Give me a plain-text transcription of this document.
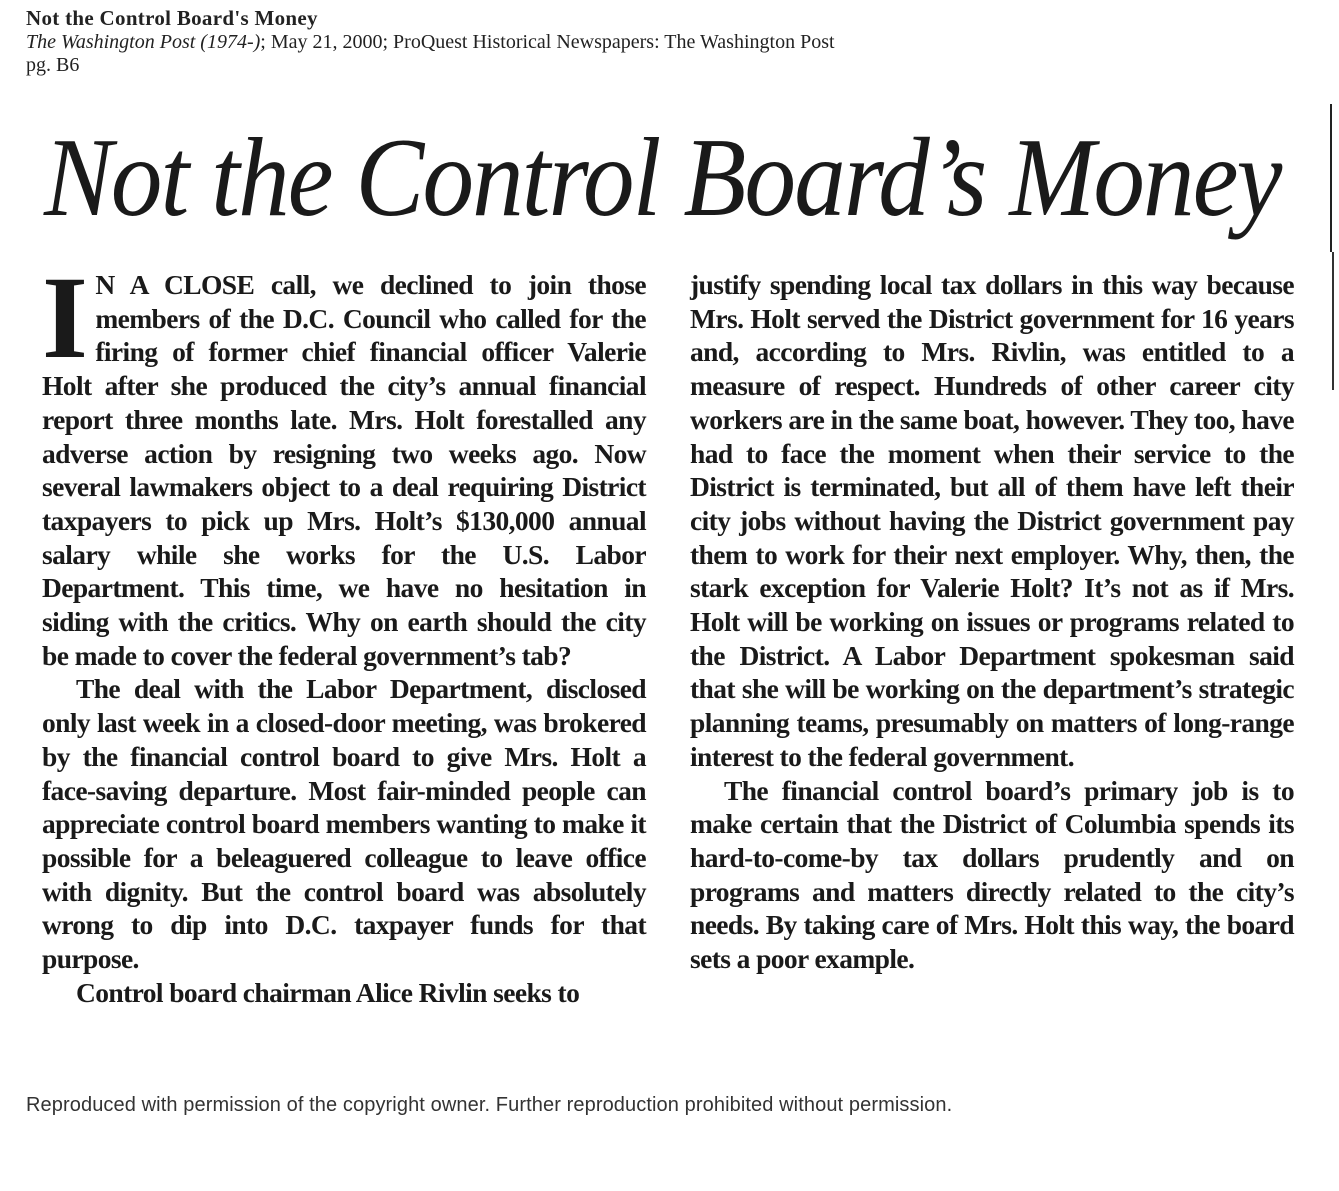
Not the Control Board's Money
The Washington Post (1974-); May 21, 2000; ProQuest Historical Newspapers: The Washington Post
pg. B6
Not the Control Board’s Money

I N A CLOSE call, we declined to join those members of the D.C. Council who called for the firing of former chief financial officer Valerie Holt after she produced the city’s annual financial report three months late. Mrs. Holt forestalled any adverse action by resigning two weeks ago. Now several lawmakers object to a deal requiring District taxpayers to pick up Mrs. Holt’s $130,000 annual salary while she works for the U.S. Labor Department. This time, we have no hesitation in siding with the critics. Why on earth should the city be made to cover the federal government’s tab?

The deal with the Labor Department, disclosed only last week in a closed-door meeting, was brokered by the financial control board to give Mrs. Holt a face-saving departure. Most fair-minded people can appreciate control board members wanting to make it possible for a beleaguered colleague to leave office with dignity. But the control board was absolutely wrong to dip into D.C. taxpayer funds for that purpose.

Control board chairman Alice Rivlin seeks to

justify spending local tax dollars in this way because Mrs. Holt served the District government for 16 years and, according to Mrs. Rivlin, was entitled to a measure of respect. Hundreds of other career city workers are in the same boat, however. They too, have had to face the moment when their service to the District is terminated, but all of them have left their city jobs without having the District government pay them to work for their next employer. Why, then, the stark exception for Valerie Holt? It’s not as if Mrs. Holt will be working on issues or programs related to the District. A Labor Department spokesman said that she will be working on the department’s strategic planning teams, presumably on matters of long-range interest to the federal government.

The financial control board’s primary job is to make certain that the District of Columbia spends its hard-to-come-by tax dollars prudently and on programs and matters directly related to the city’s needs. By taking care of Mrs. Holt this way, the board sets a poor example.

Reproduced with permission of the copyright owner. Further reproduction prohibited without permission.
